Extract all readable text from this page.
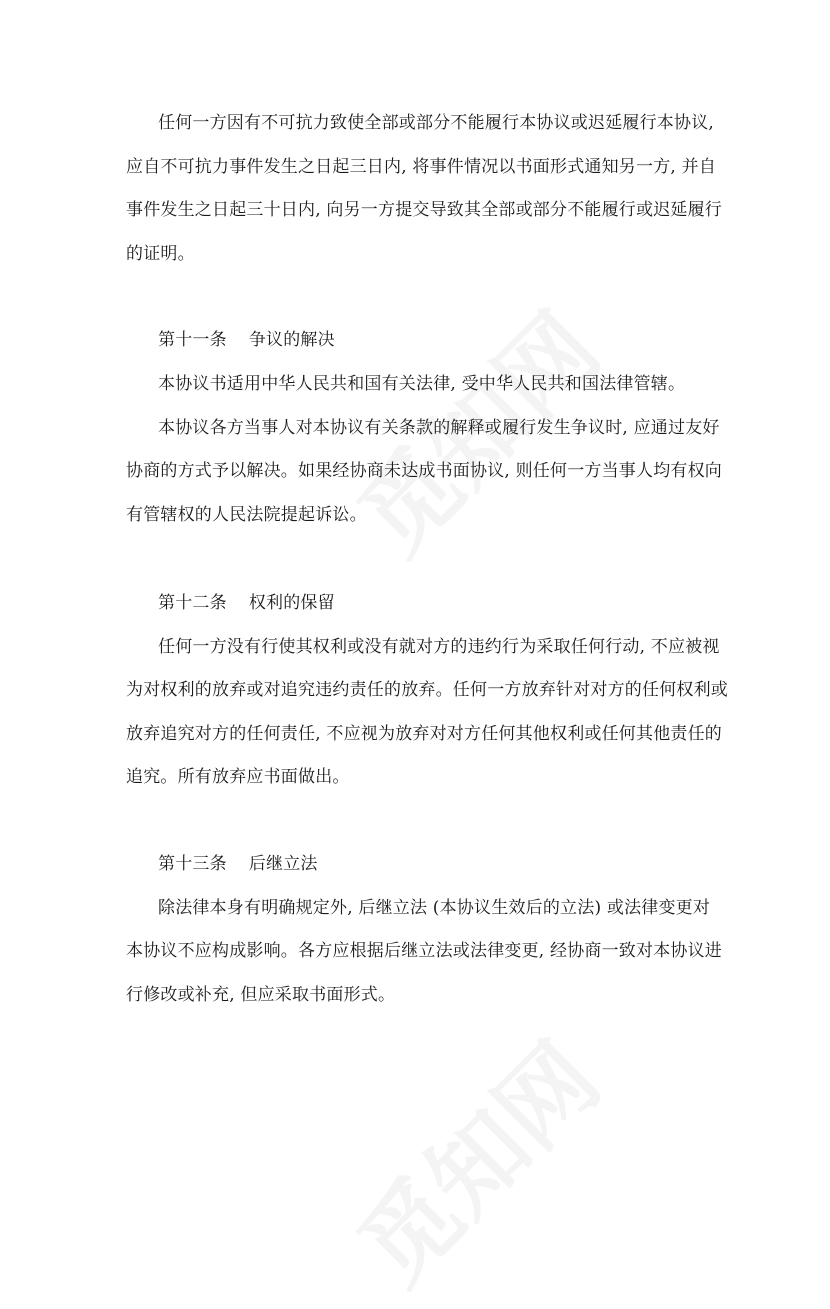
任何一方因有不可抗力致使全部或部分不能履行本协议或迟延履行本协议,
应自不可抗力事件发生之日起三日内, 将事件情况以书面形式通知另一方, 并自
事件发生之日起三十日内, 向另一方提交导致其全部或部分不能履行或迟延履行
的证明。
第十一条 争议的解决
本协议书适用中华人民共和国有关法律, 受中华人民共和国法律管辖。
本协议各方当事人对本协议有关条款的解释或履行发生争议时, 应通过友好
协商的方式予以解决。如果经协商未达成书面协议, 则任何一方当事人均有权向
有管辖权的人民法院提起诉讼。
第十二条 权利的保留
任何一方没有行使其权利或没有就对方的违约行为采取任何行动, 不应被视
为对权利的放弃或对追究违约责任的放弃。任何一方放弃针对对方的任何权利或
放弃追究对方的任何责任, 不应视为放弃对对方任何其他权利或任何其他责任的
追究。所有放弃应书面做出。
第十三条 后继立法
除法律本身有明确规定外, 后继立法 (本协议生效后的立法) 或法律变更对
本协议不应构成影响。各方应根据后继立法或法律变更, 经协商一致对本协议进
行修改或补充, 但应采取书面形式。
